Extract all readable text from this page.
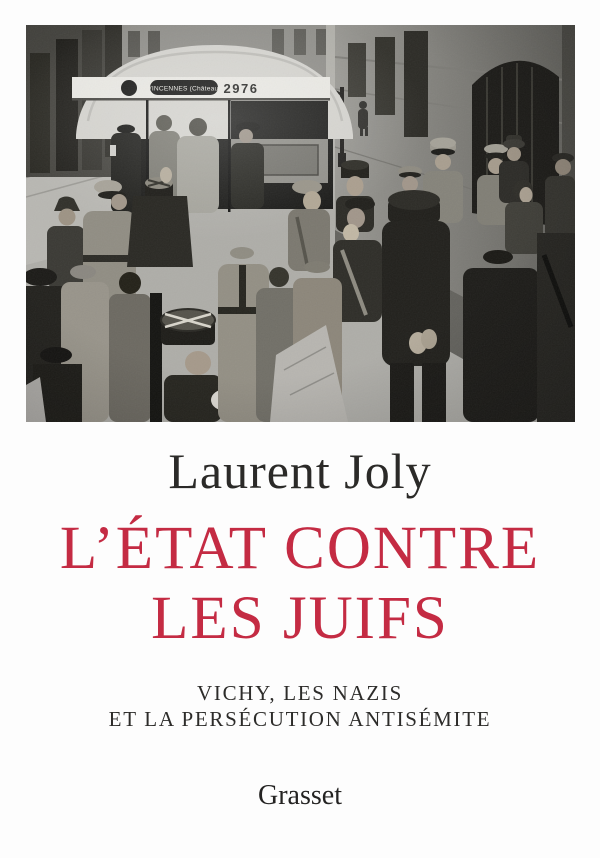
Laurent Joly
L’ÉTAT CONTRE
LES JUIFS
VICHY, LES NAZIS
ET LA PERSÉCUTION ANTISÉMITE
Grasset
